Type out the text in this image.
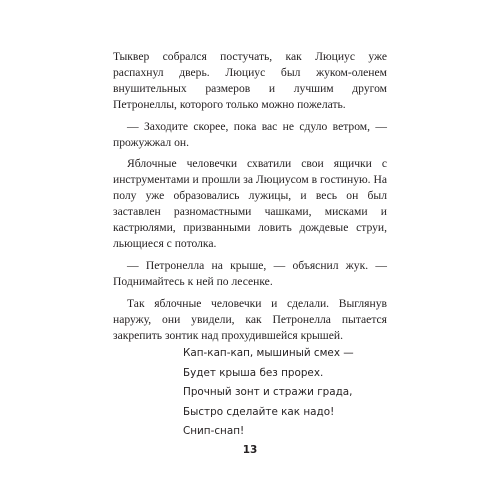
Тыквер собрался постучать, как Люциус уже распахнул дверь. Люциус был жуком-оленем внушительных размеров и лучшим другом Петронеллы, которого только можно пожелать.

— Заходите скорее, пока вас не сдуло ветром, — прожужжал он.

Яблочные человечки схватили свои ящички с инструментами и прошли за Люциусом в гостиную. На полу уже образовались лужицы, и весь он был заставлен разномастными чашками, мисками и кастрюлями, призванными ловить дождевые струи, льющиеся с потолка.

— Петронелла на крыше, — объяснил жук. — Поднимайтесь к ней по лесенке.

Так яблочные человечки и сделали. Выглянув наружу, они увидели, как Петронелла пытается закрепить зонтик над прохудившейся крышей.

Кап-кап-кап, мышиный смех —
Будет крыша без прорех.
Прочный зонт и стражи града,
Быстро сделайте как надо!
Снип-снап!
13
